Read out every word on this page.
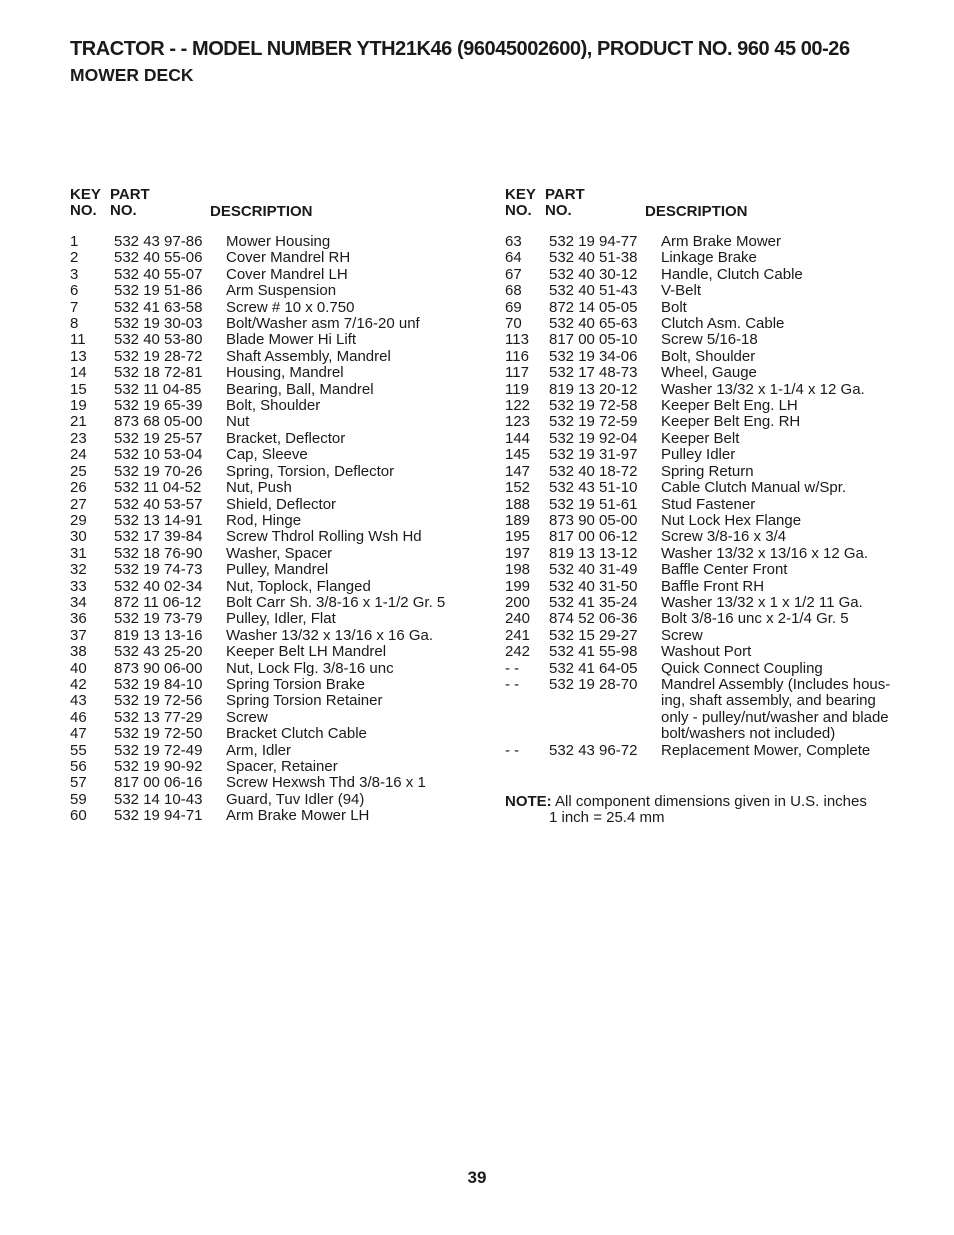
TRACTOR - - MODEL NUMBER YTH21K46 (96045002600), PRODUCT NO. 960 45 00-26
MOWER DECK
KEY
NO.
PART
NO.	DESCRIPTION
1 532 43 97-86 Mower Housing
2 532 40 55-06 Cover Mandrel RH
3 532 40 55-07 Cover Mandrel LH
6 532 19 51-86 Arm Suspension
7 532 41 63-58 Screw # 10 x 0.750
8 532 19 30-03 Bolt/Washer asm 7/16-20 unf
11 532 40 53-80 Blade Mower Hi Lift
13 532 19 28-72 Shaft Assembly, Mandrel
14 532 18 72-81 Housing, Mandrel
15 532 11 04-85 Bearing, Ball, Mandrel
19 532 19 65-39 Bolt, Shoulder
21 873 68 05-00 Nut
23 532 19 25-57 Bracket, Deflector
24 532 10 53-04 Cap, Sleeve
25 532 19 70-26 Spring, Torsion, Deflector
26 532 11 04-52 Nut, Push
27 532 40 53-57 Shield, Deflector
29 532 13 14-91 Rod, Hinge
30 532 17 39-84 Screw Thdrol Rolling Wsh Hd
31 532 18 76-90 Washer, Spacer
32 532 19 74-73 Pulley, Mandrel
33 532 40 02-34 Nut, Toplock, Flanged
34 872 11 06-12 Bolt Carr Sh. 3/8-16 x 1-1/2 Gr. 5
36 532 19 73-79 Pulley, Idler, Flat
37 819 13 13-16 Washer 13/32 x 13/16 x 16 Ga.
38 532 43 25-20 Keeper Belt LH Mandrel
40 873 90 06-00 Nut, Lock Flg. 3/8-16 unc
42 532 19 84-10 Spring Torsion Brake
43 532 19 72-56 Spring Torsion Retainer
46 532 13 77-29 Screw
47 532 19 72-50 Bracket Clutch Cable
55 532 19 72-49 Arm, Idler
56 532 19 90-92 Spacer, Retainer
57 817 00 06-16 Screw Hexwsh Thd 3/8-16 x 1
59 532 14 10-43 Guard, Tuv Idler (94)
60 532 19 94-71 Arm Brake Mower LH
KEY
NO.
PART
NO.	DESCRIPTION
63 532 19 94-77 Arm Brake Mower
64 532 40 51-38 Linkage Brake
67 532 40 30-12 Handle, Clutch Cable
68 532 40 51-43 V-Belt
69 872 14 05-05 Bolt
70 532 40 65-63 Clutch Asm. Cable
113 817 00 05-10 Screw 5/16-18
116 532 19 34-06 Bolt, Shoulder
117 532 17 48-73 Wheel, Gauge
119 819 13 20-12 Washer 13/32 x 1-1/4 x 12 Ga.
122 532 19 72-58 Keeper Belt Eng. LH
123 532 19 72-59 Keeper Belt Eng. RH
144 532 19 92-04 Keeper Belt
145 532 19 31-97 Pulley Idler
147 532 40 18-72 Spring Return
152 532 43 51-10 Cable Clutch Manual w/Spr.
188 532 19 51-61 Stud Fastener
189 873 90 05-00 Nut Lock Hex Flange
195 817 00 06-12 Screw 3/8-16 x 3/4
197 819 13 13-12 Washer 13/32 x 13/16 x 12 Ga.
198 532 40 31-49 Baffle Center Front
199 532 40 31-50 Baffle Front RH
200 532 41 35-24 Washer 13/32 x 1 x 1/2 11 Ga.
240 874 52 06-36 Bolt 3/8-16 unc x 2-1/4 Gr. 5
241 532 15 29-27 Screw
242 532 41 55-98 Washout Port
- - 532 41 64-05 Quick Connect Coupling
- - 532 19 28-70 Mandrel Assembly (Includes hous-
ing, shaft assembly, and bearing
only - pulley/nut/washer and blade
bolt/washers not included)
- - 532 43 96-72 Replacement Mower, Complete
NOTE: All component dimensions given in U.S. inches
1 inch = 25.4 mm
39
